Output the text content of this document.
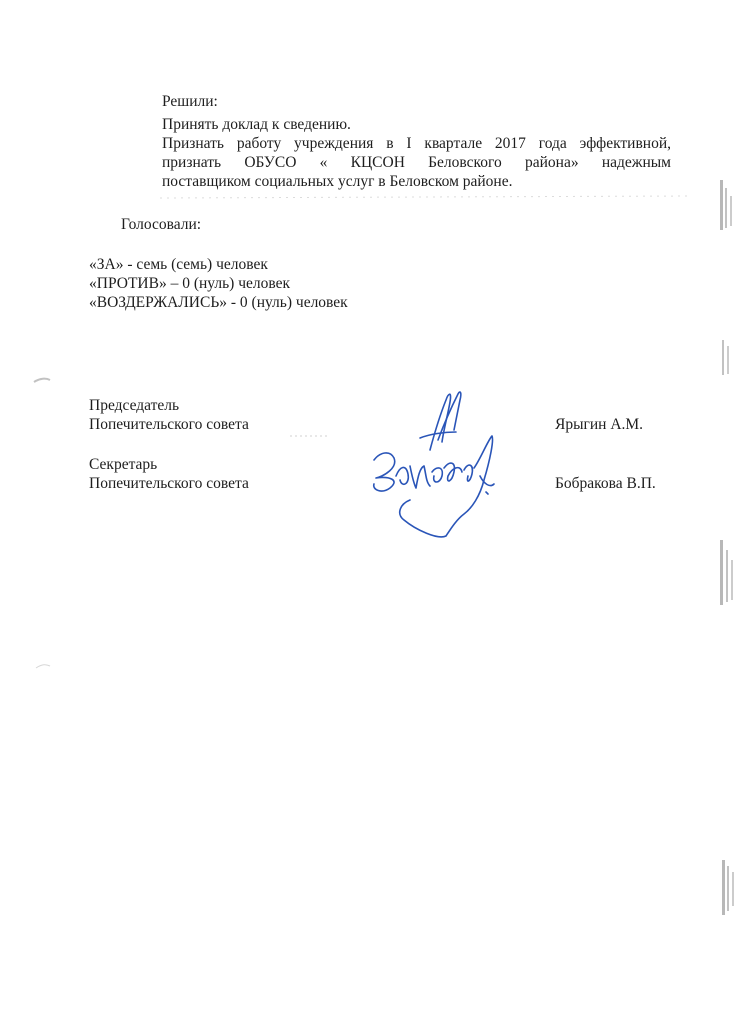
Решили:
Принять доклад к сведению.
Признать работу учреждения в I квартале 2017 года эффективной,
признать ОБУСО « КЦСОН Беловского района» надежным
поставщиком социальных услуг в Беловском районе.
Голосовали:
«ЗА» - семь (семь) человек
«ПРОТИВ» – 0 (нуль) человек
«ВОЗДЕРЖАЛИСЬ» - 0 (нуль) человек
Председатель
Попечительского совета	Ярыгин А.М.
Секретарь
Попечительского совета	Бобракова В.П.
